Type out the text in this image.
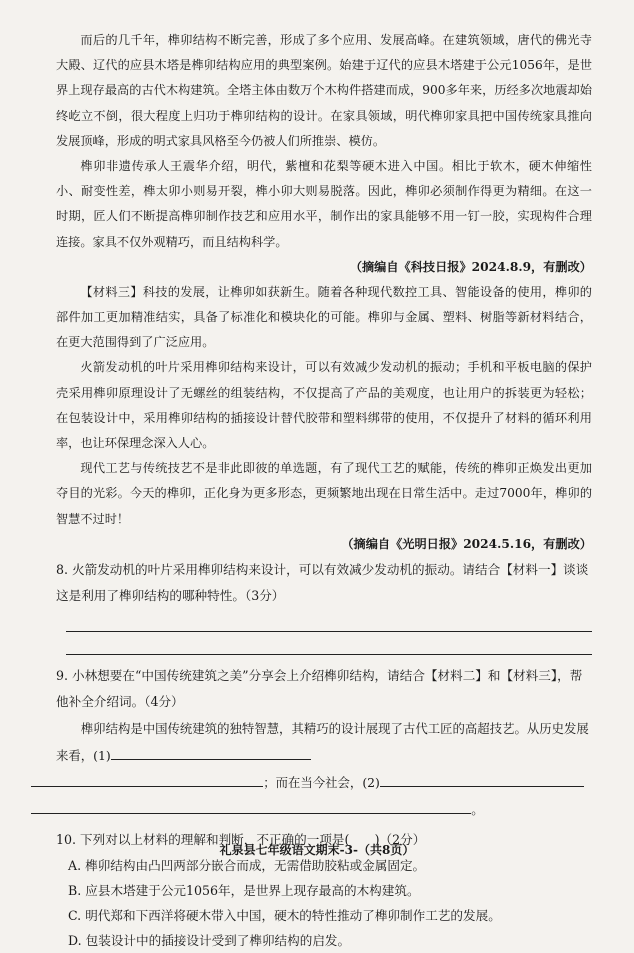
而后的几千年，榫卯结构不断完善，形成了多个应用、发展高峰。在建筑领域，唐代的佛光寺大殿、辽代的应县木塔是榫卯结构应用的典型案例。始建于辽代的应县木塔建于公元1056年，是世界上现存最高的古代木构建筑。全塔主体由数万个木构件搭建而成，900多年来，历经多次地震却始终屹立不倒，很大程度上归功于榫卯结构的设计。在家具领域，明代榫卯家具把中国传统家具推向发展顶峰，形成的明式家具风格至今仍被人们所推崇、模仿。

榫卯非遗传承人王震华介绍，明代，紫檀和花梨等硬木进入中国。相比于软木，硬木伸缩性小、耐变性差，榫太卯小则易开裂，榫小卯大则易脱落。因此，榫卯必须制作得更为精细。在这一时期，匠人们不断提高榫卯制作技艺和应用水平，制作出的家具能够不用一钉一胶，实现构件合理连接。家具不仅外观精巧，而且结构科学。

（摘编自《科技日报》2024.8.9，有删改）

【材料三】科技的发展，让榫卯如获新生。随着各种现代数控工具、智能设备的使用，榫卯的部件加工更加精准结实，具备了标准化和模块化的可能。榫卯与金属、塑料、树脂等新材料结合，在更大范围得到了广泛应用。

火箭发动机的叶片采用榫卯结构来设计，可以有效减少发动机的振动；手机和平板电脑的保护壳采用榫卯原理设计了无螺丝的组装结构，不仅提高了产品的美观度，也让用户的拆装更为轻松；在包装设计中，采用榫卯结构的插接设计替代胶带和塑料绑带的使用，不仅提升了材料的循环利用率，也让环保理念深入人心。

现代工艺与传统技艺不是非此即彼的单选题，有了现代工艺的赋能，传统的榫卯正焕发出更加夺目的光彩。今天的榫卯，正化身为更多形态，更频繁地出现在日常生活中。走过7000年，榫卯的智慧不过时！

（摘编自《光明日报》2024.5.16，有删改）

8. 火箭发动机的叶片采用榫卯结构来设计，可以有效减少发动机的振动。请结合【材料一】谈谈这是利用了榫卯结构的哪种特性。（3分）

9. 小林想要在“中国传统建筑之美”分享会上介绍榫卯结构，请结合【材料二】和【材料三】，帮他补全介绍词。（4分）

榫卯结构是中国传统建筑的独特智慧，其精巧的设计展现了古代工匠的高超技艺。从历史发展来看，(1)
；而在当今社会，(2)
。

10. 下列对以上材料的理解和判断，不正确的一项是(　　)（2分）

A. 榫卯结构由凸凹两部分嵌合而成，无需借助胶粘或金属固定。

B. 应县木塔建于公元1056年，是世界上现存最高的木构建筑。

C. 明代郑和下西洋将硬木带入中国，硬木的特性推动了榫卯制作工艺的发展。

D. 包装设计中的插接设计受到了榫卯结构的启发。

礼泉县七年级语文期末-3-（共8页）
